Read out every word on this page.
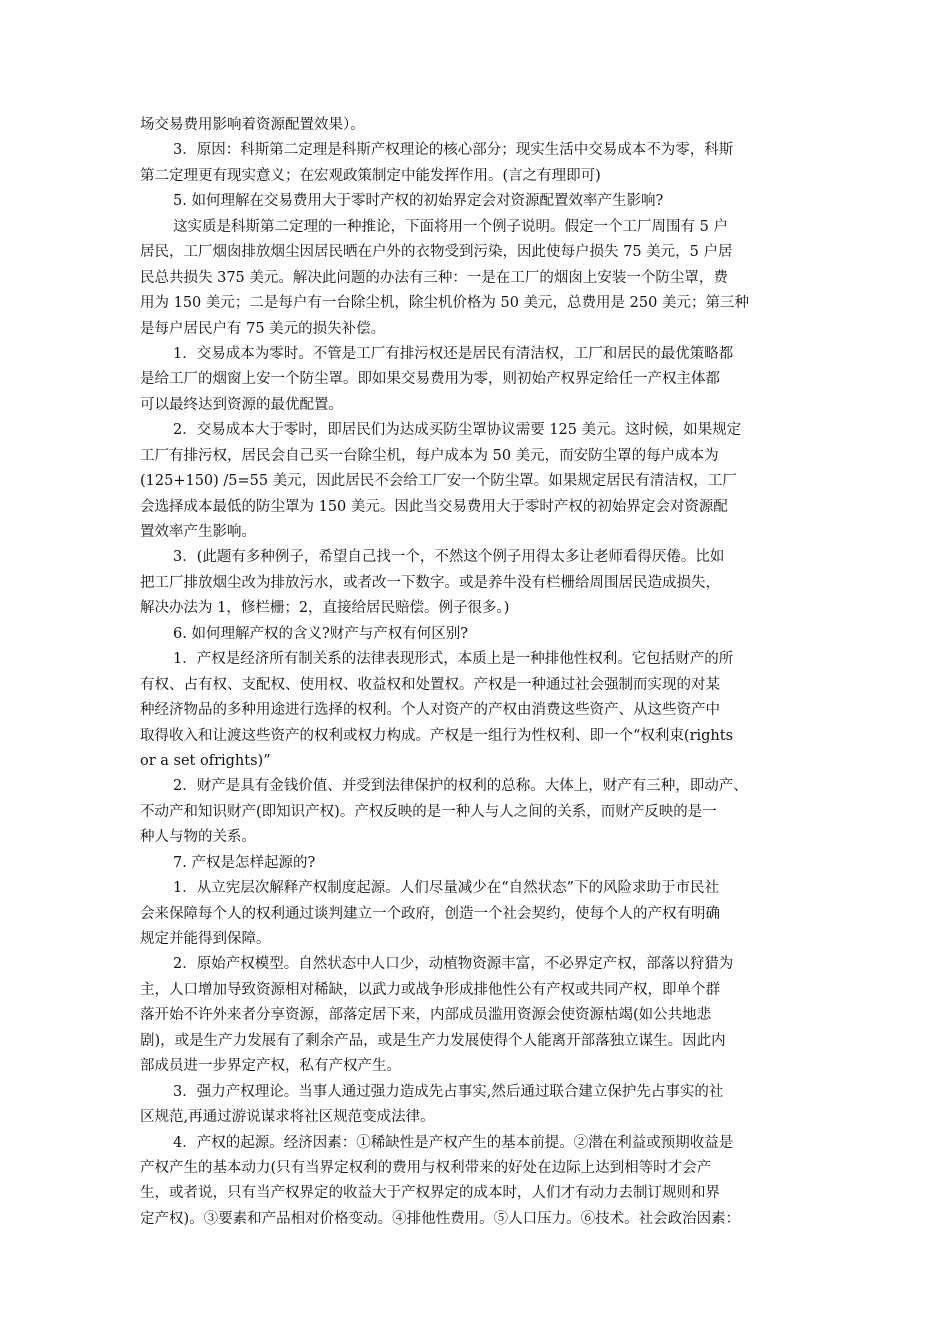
场交易费用影响着资源配置效果）。
3．原因：科斯第二定理是科斯产权理论的核心部分；现实生活中交易成本不为零，科斯
第二定理更有现实意义；在宏观政策制定中能发挥作用。(言之有理即可)
5. 如何理解在交易费用大于零时产权的初始界定会对资源配置效率产生影响?
这实质是科斯第二定理的一种推论，下面将用一个例子说明。假定一个工厂周围有 5 户
居民，工厂烟囱排放烟尘因居民晒在户外的衣物受到污染，因此使每户损失 75 美元，5 户居
民总共损失 375 美元。解决此问题的办法有三种：一是在工厂的烟囱上安装一个防尘罩，费
用为 150 美元；二是每户有一台除尘机，除尘机价格为 50 美元，总费用是 250 美元；第三种
是每户居民户有 75 美元的损失补偿。
1．交易成本为零时。不管是工厂有排污权还是居民有清洁权，工厂和居民的最优策略都
是给工厂的烟窗上安一个防尘罩。即如果交易费用为零，则初始产权界定给任一产权主体都
可以最终达到资源的最优配置。
2．交易成本大于零时，即居民们为达成买防尘罩协议需要 125 美元。这时候，如果规定
工厂有排污权，居民会自己买一台除尘机，每户成本为 50 美元，而安防尘罩的每户成本为
(125+150) /5=55 美元，因此居民不会给工厂安一个防尘罩。如果规定居民有清洁权，工厂
会选择成本最低的防尘罩为 150 美元。因此当交易费用大于零时产权的初始界定会对资源配
置效率产生影响。
3．(此题有多种例子，希望自己找一个，不然这个例子用得太多让老师看得厌倦。比如
把工厂排放烟尘改为排放污水，或者改一下数字。或是养牛没有栏栅给周围居民造成损失，
解决办法为 1，修栏栅；2，直接给居民赔偿。例子很多。)
6. 如何理解产权的含义?财产与产权有何区别?
1．产权是经济所有制关系的法律表现形式，本质上是一种排他性权利。它包括财产的所
有权、占有权、支配权、使用权、收益权和处置权。产权是一种通过社会强制而实现的对某
种经济物品的多种用途进行选择的权利。个人对资产的产权由消费这些资产、从这些资产中
取得收入和让渡这些资产的权利或权力构成。产权是一组行为性权利、即一个“权利束(rights
or a set ofrights)”
2．财产是具有金钱价值、并受到法律保护的权利的总称。大体上，财产有三种，即动产、
不动产和知识财产(即知识产权)。产权反映的是一种人与人之间的关系，而财产反映的是一
种人与物的关系。
7. 产权是怎样起源的?
1．从立宪层次解释产权制度起源。人们尽量减少在“自然状态”下的风险求助于市民社
会来保障每个人的权利通过谈判建立一个政府，创造一个社会契约，使每个人的产权有明确
规定并能得到保障。
2．原始产权模型。自然状态中人口少，动植物资源丰富，不必界定产权，部落以狩猎为
主，人口增加导致资源相对稀缺，以武力或战争形成排他性公有产权或共同产权，即单个群
落开始不许外来者分享资源，部落定居下来，内部成员滥用资源会使资源枯竭(如公共地悲
剧)，或是生产力发展有了剩余产品，或是生产力发展使得个人能离开部落独立谋生。因此内
部成员进一步界定产权，私有产权产生。
3．强力产权理论。当事人通过强力造成先占事实,然后通过联合建立保护先占事实的社
区规范,再通过游说谋求将社区规范变成法律。
4．产权的起源。经济因素：①稀缺性是产权产生的基本前提。②潜在利益或预期收益是
产权产生的基本动力(只有当界定权利的费用与权利带来的好处在边际上达到相等时才会产
生，或者说，只有当产权界定的收益大于产权界定的成本时，人们才有动力去制订规则和界
定产权)。③要素和产品相对价格变动。④排他性费用。⑤人口压力。⑥技术。社会政治因素：
